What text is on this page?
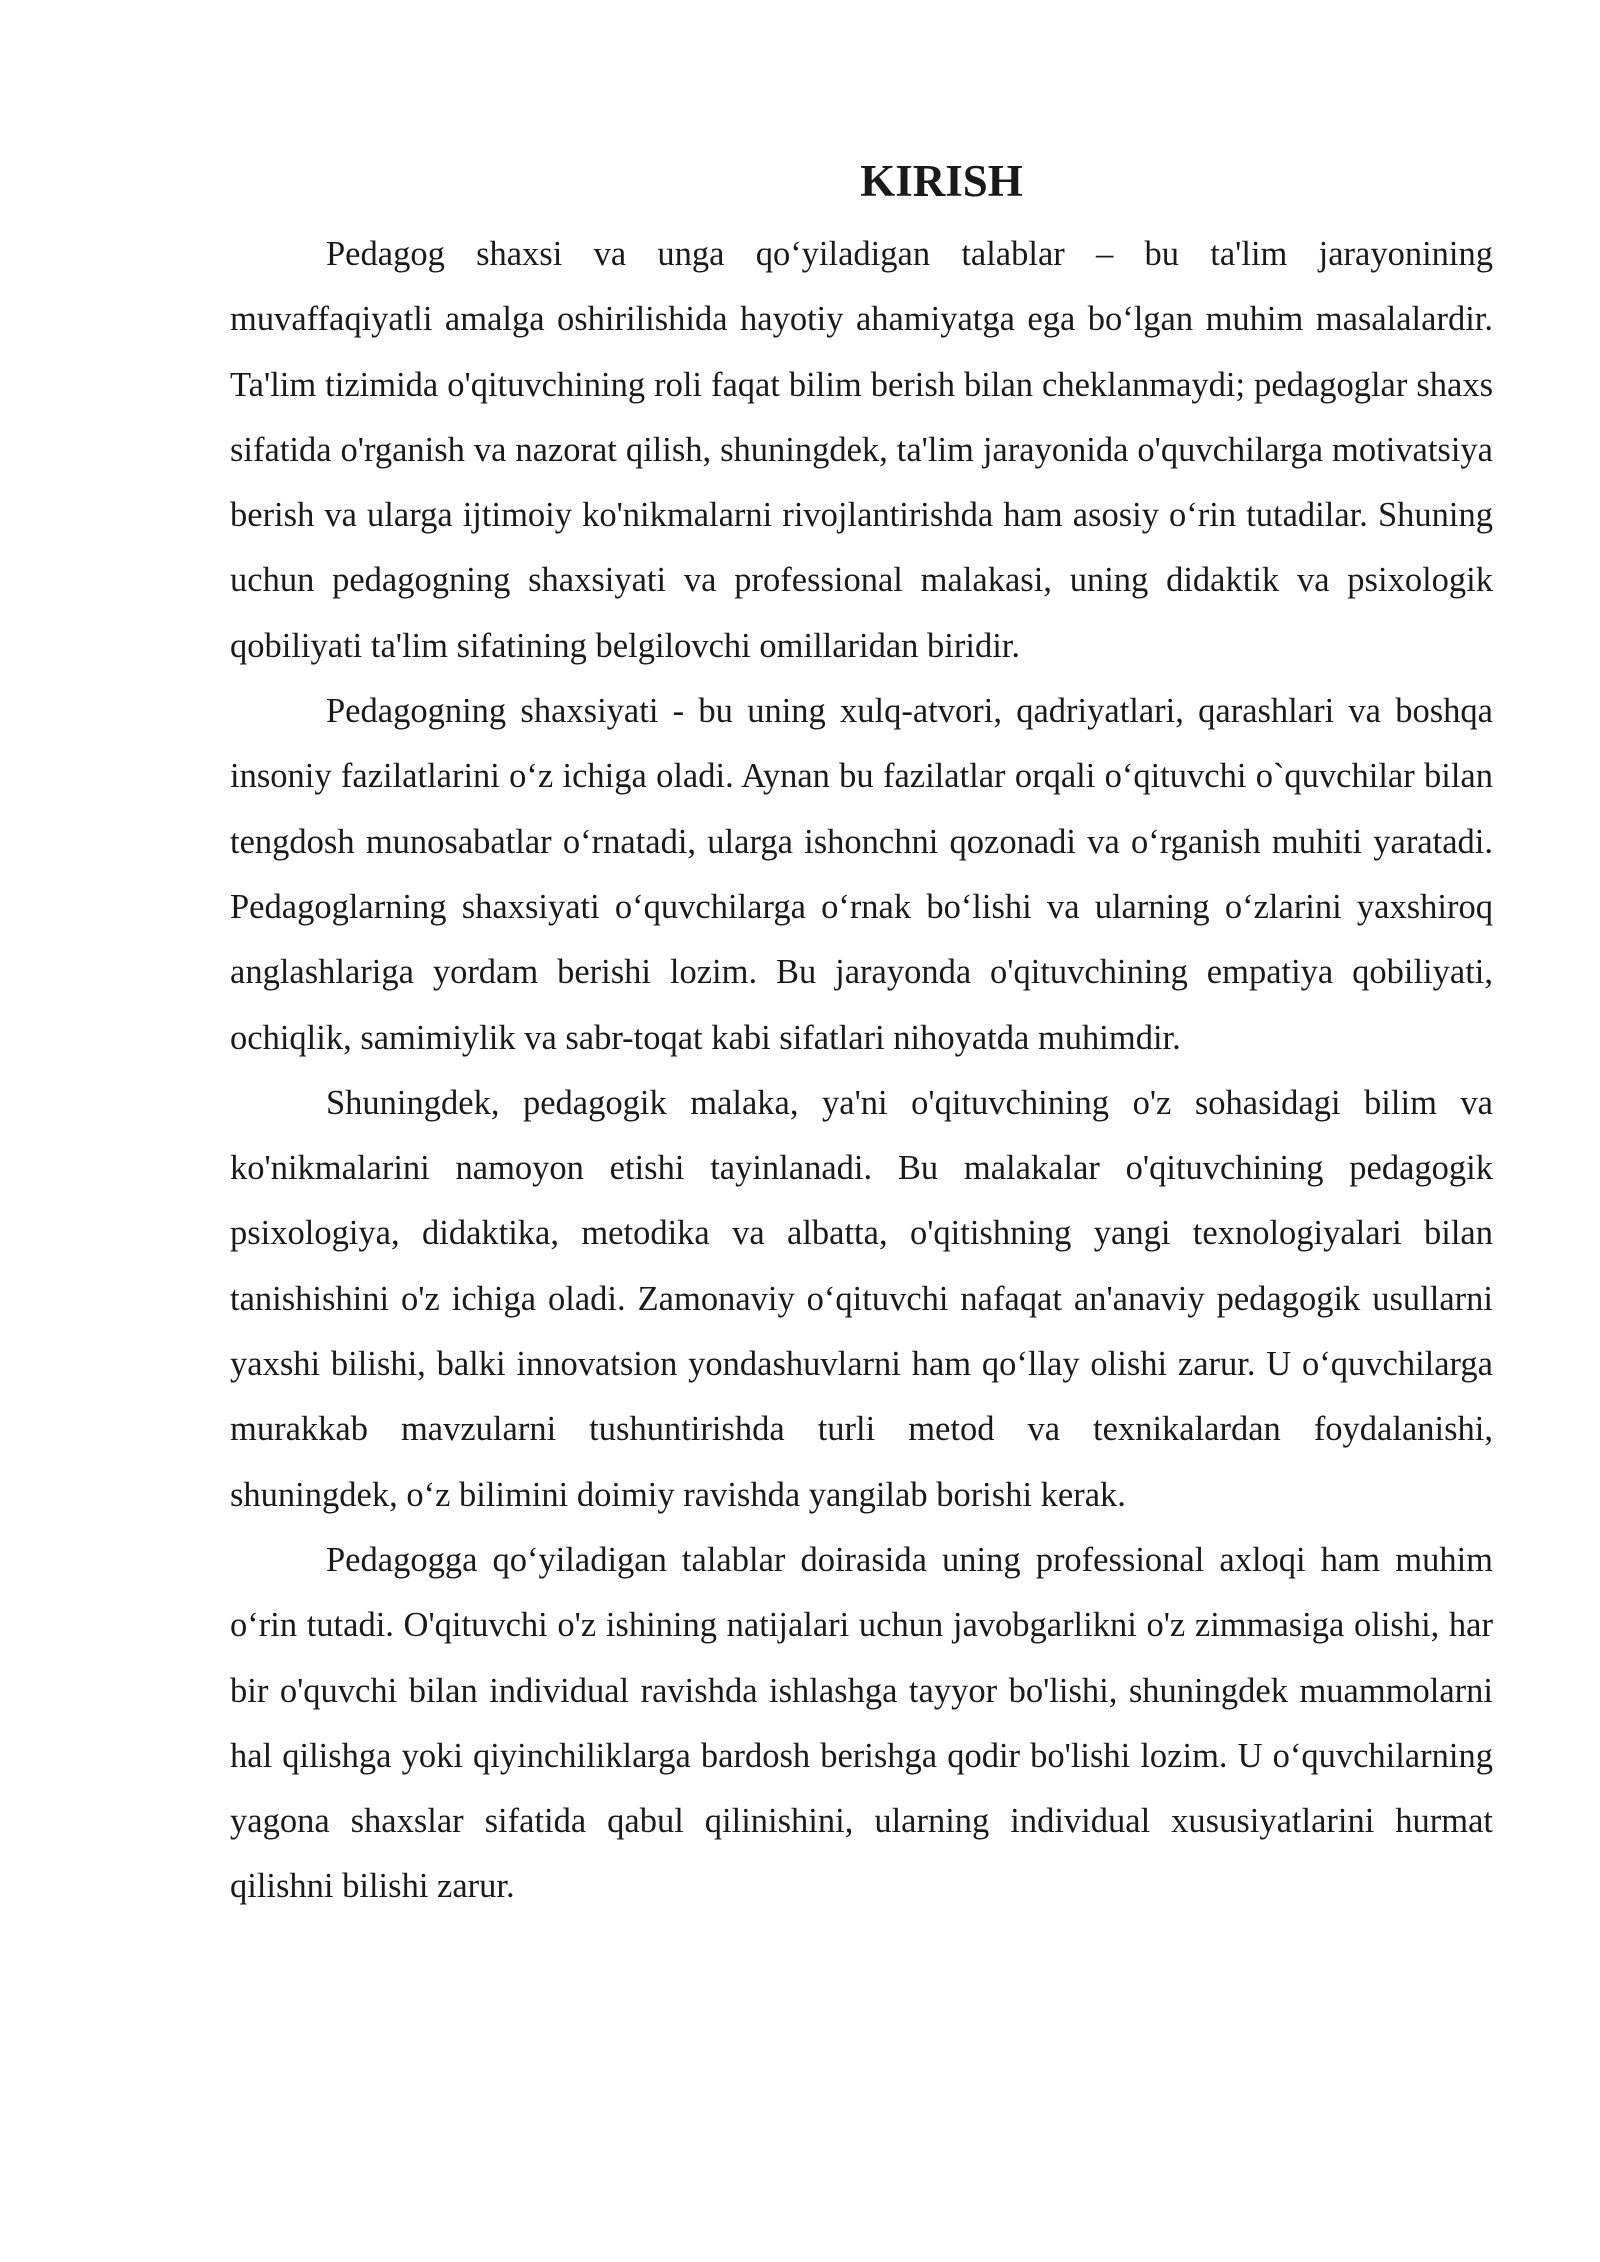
KIRISH

Pedagog shaxsi va unga qo‘yiladigan talablar – bu ta'lim jarayonining muvaffaqiyatli amalga oshirilishida hayotiy ahamiyatga ega bo‘lgan muhim masalalardir. Ta'lim tizimida o'qituvchining roli faqat bilim berish bilan cheklanmaydi; pedagoglar shaxs sifatida o'rganish va nazorat qilish, shuningdek, ta'lim jarayonida o'quvchilarga motivatsiya berish va ularga ijtimoiy ko'nikmalarni rivojlantirishda ham asosiy o‘rin tutadilar. Shuning uchun pedagogning shaxsiyati va professional malakasi, uning didaktik va psixologik qobiliyati ta'lim sifatining belgilovchi omillaridan biridir.

Pedagogning shaxsiyati - bu uning xulq-atvori, qadriyatlari, qarashlari va boshqa insoniy fazilatlarini o‘z ichiga oladi. Aynan bu fazilatlar orqali o‘qituvchi o`quvchilar bilan tengdosh munosabatlar o‘rnatadi, ularga ishonchni qozonadi va o‘rganish muhiti yaratadi. Pedagoglarning shaxsiyati o‘quvchilarga o‘rnak bo‘lishi va ularning o‘zlarini yaxshiroq anglashlariga yordam berishi lozim. Bu jarayonda o'qituvchining empatiya qobiliyati, ochiqlik, samimiylik va sabr-toqat kabi sifatlari nihoyatda muhimdir.

Shuningdek, pedagogik malaka, ya'ni o'qituvchining o'z sohasidagi bilim va ko'nikmalarini namoyon etishi tayinlanadi. Bu malakalar o'qituvchining pedagogik psixologiya, didaktika, metodika va albatta, o'qitishning yangi texnologiyalari bilan tanishishini o'z ichiga oladi. Zamonaviy o‘qituvchi nafaqat an'anaviy pedagogik usullarni yaxshi bilishi, balki innovatsion yondashuvlarni ham qo‘llay olishi zarur. U o‘quvchilarga murakkab mavzularni tushuntirishda turli metod va texnikalardan foydalanishi, shuningdek, o‘z bilimini doimiy ravishda yangilab borishi kerak.

Pedagogga qo‘yiladigan talablar doirasida uning professional axloqi ham muhim o‘rin tutadi. O'qituvchi o'z ishining natijalari uchun javobgarlikni o'z zimmasiga olishi, har bir o'quvchi bilan individual ravishda ishlashga tayyor bo'lishi, shuningdek muammolarni hal qilishga yoki qiyinchiliklarga bardosh berishga qodir bo'lishi lozim. U o‘quvchilarning yagona shaxslar sifatida qabul qilinishini, ularning individual xususiyatlarini hurmat qilishni bilishi zarur.
